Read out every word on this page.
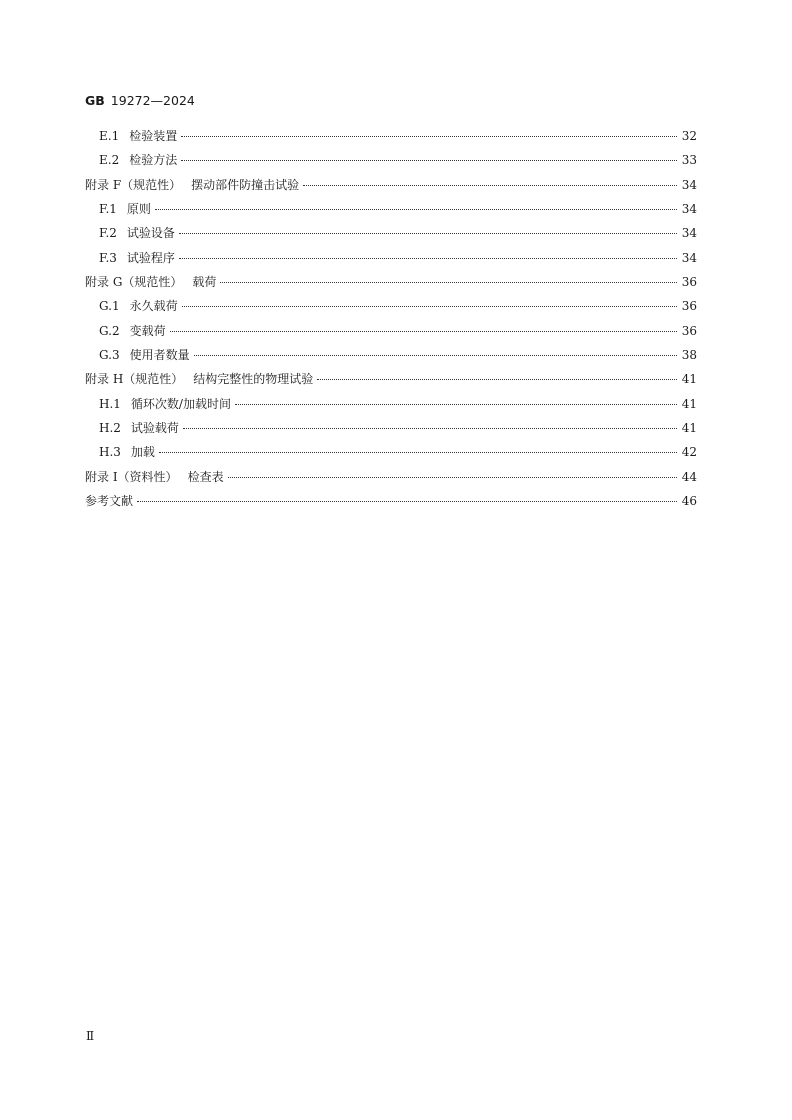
GB 19272—2024
E.1 检验装置	32
E.2 检验方法	33
附录 F（规范性） 摆动部件防撞击试验	34
F.1 原则	34
F.2 试验设备	34
F.3 试验程序	34
附录 G（规范性） 载荷	36
G.1 永久载荷	36
G.2 变载荷	36
G.3 使用者数量	38
附录 H（规范性） 结构完整性的物理试验	41
H.1 循环次数/加载时间	41
H.2 试验载荷	41
H.3 加载	42
附录 I（资料性） 检查表	44
参考文献	46
Ⅱ
